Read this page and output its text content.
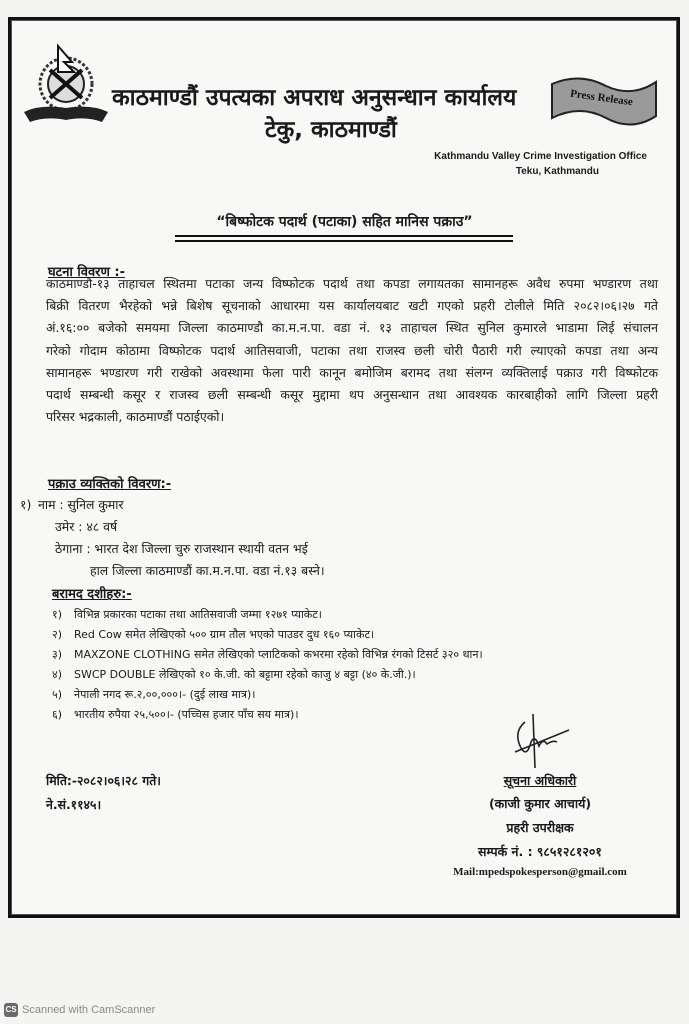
काठमाण्डौं उपत्यका अपराध अनुसन्धान कार्यालय
टेकु, काठमाण्डौं
Press Release
Kathmandu Valley Crime Investigation Office
Teku, Kathmandu
“बिष्फोटक पदार्थ (पटाका) सहित मानिस पक्राउ”
घटना विवरण :-
काठमाण्डौ-१३ ताहाचल स्थितमा पटाका जन्य विष्फोटक पदार्थ तथा कपडा लगायतका सामानहरू अवैध रुपमा भण्डारण तथा
बिक्री वितरण भैरहेको भन्ने बिशेष सूचनाको आधारमा यस कार्यालयबाट खटी गएको प्रहरी टोलीले मिति २०८२।०६।२७ गते
अं.१६:०० बजेको समयमा जिल्ला काठमाण्डौ का.म.न.पा. वडा नं. १३ ताहाचल स्थित सुनिल कुमारले भाडामा लिई संचालन
गरेको गोदाम कोठामा विष्फोटक पदार्थ आतिसवाजी, पटाका तथा राजस्व छली चोरी पैठारी गरी ल्याएको कपडा तथा अन्य
सामानहरू भण्डारण गरी राखेको अवस्थामा फेला पारी कानून बमोजिम बरामद तथा संलग्न व्यक्तिलाई पक्राउ गरी विष्फोटक
पदार्थ सम्बन्धी कसूर र राजस्व छली सम्बन्धी कसूर मुद्दामा थप अनुसन्धान तथा आवश्यक कारबाहीको लागि जिल्ला प्रहरी
परिसर भद्रकाली, काठमाण्डौं पठाईएको।
पक्राउ व्यक्तिको विवरण:-
१) नाम : सुनिल कुमार
उमेर : ४८ वर्ष
ठेगाना : भारत देश जिल्ला चुरु राजस्थान स्थायी वतन भई
हाल जिल्ला काठमाण्डौं का.म.न.पा. वडा नं.१३ बस्ने।
बरामद दशीहरु:-
१) विभिन्न प्रकारका पटाका तथा आतिसवाजी जम्मा १२७१ प्याकेट।
२) Red Cow समेत लेखिएको ५०० ग्राम तौल भएको पाउडर दुध १६० प्याकेट।
३) MAXZONE CLOTHING समेत लेखिएको प्लाटिकको कभरमा रहेको विभिन्न रंगको टिसर्ट ३२० थान।
४) SWCP DOUBLE लेखिएको १० के.जी. को बट्टामा रहेको काजु ४ बट्टा (४० के.जी.)।
५) नेपाली नगद रू.२,००,०००।- (दुई लाख मात्र)।
६) भारतीय रुपैया २५,५००।- (पच्चिस हजार पाँच सय मात्र)।
मिति:-२०८२।०६।२८ गते।
ने.सं.११४५।
सूचना अधिकारी
(काजी कुमार आचार्य)
प्रहरी उपरीक्षक
सम्पर्क नं. : ९८५१२८१२०१
Mail:mpedspokesperson@gmail.com
CS Scanned with CamScanner
